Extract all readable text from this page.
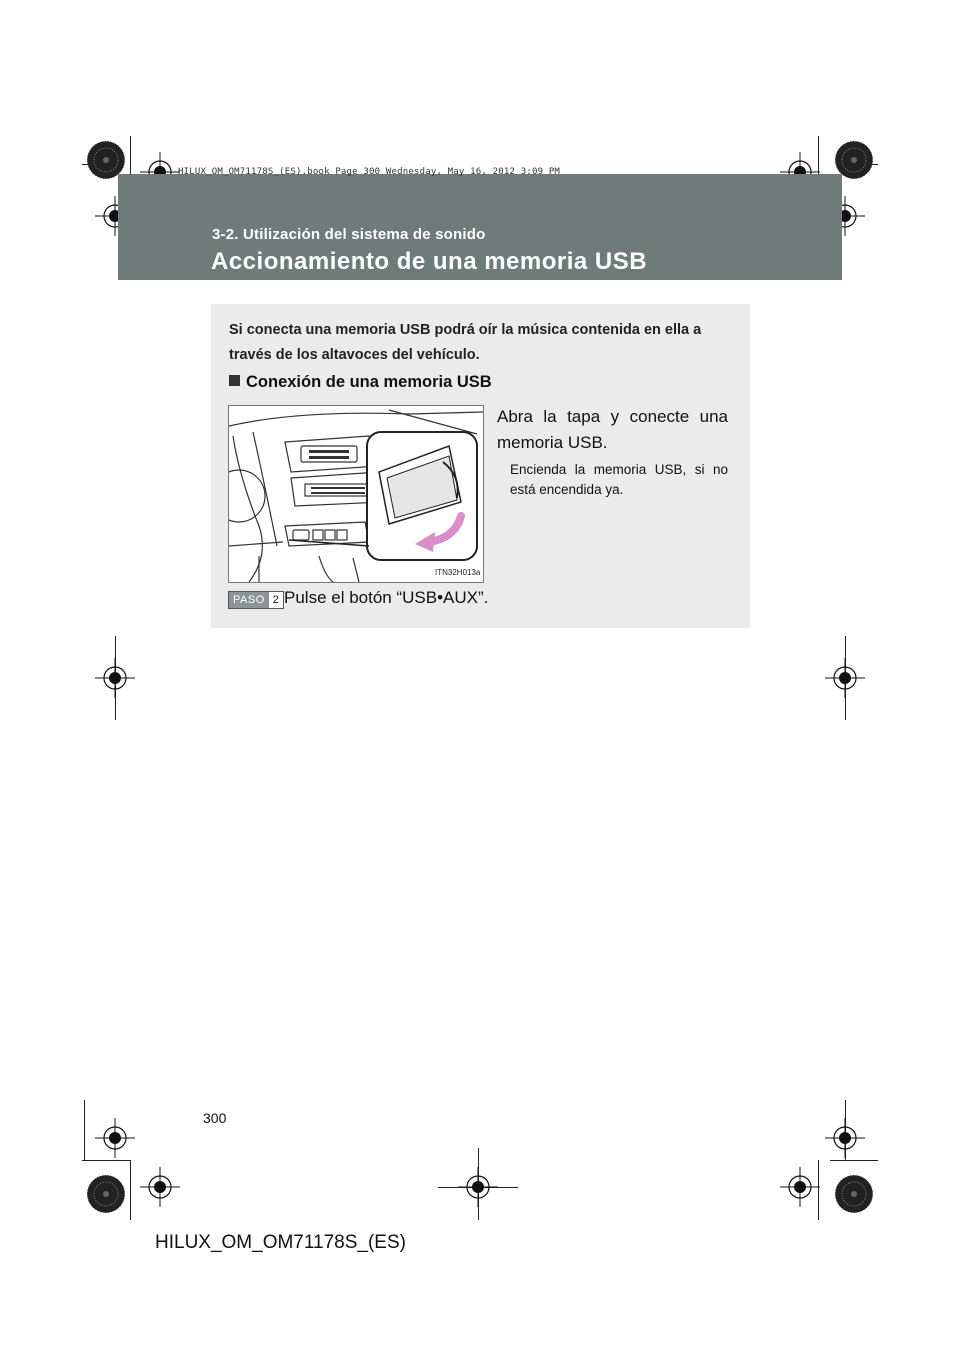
HILUX_OM_OM71178S_(ES).book Page 300 Wednesday, May 16, 2012 3:09 PM
3-2. Utilización del sistema de sonido
Accionamiento de una memoria USB
Si conecta una memoria USB podrá oír la música contenida en ella a través de los altavoces del vehículo.
Conexión de una memoria USB
ITN32H013a
Abra la tapa y conecte una memoria USB.
Encienda la memoria USB, si no está encendida ya.
PASO 2 Pulse el botón “USB•AUX”.
300
HILUX_OM_OM71178S_(ES)
